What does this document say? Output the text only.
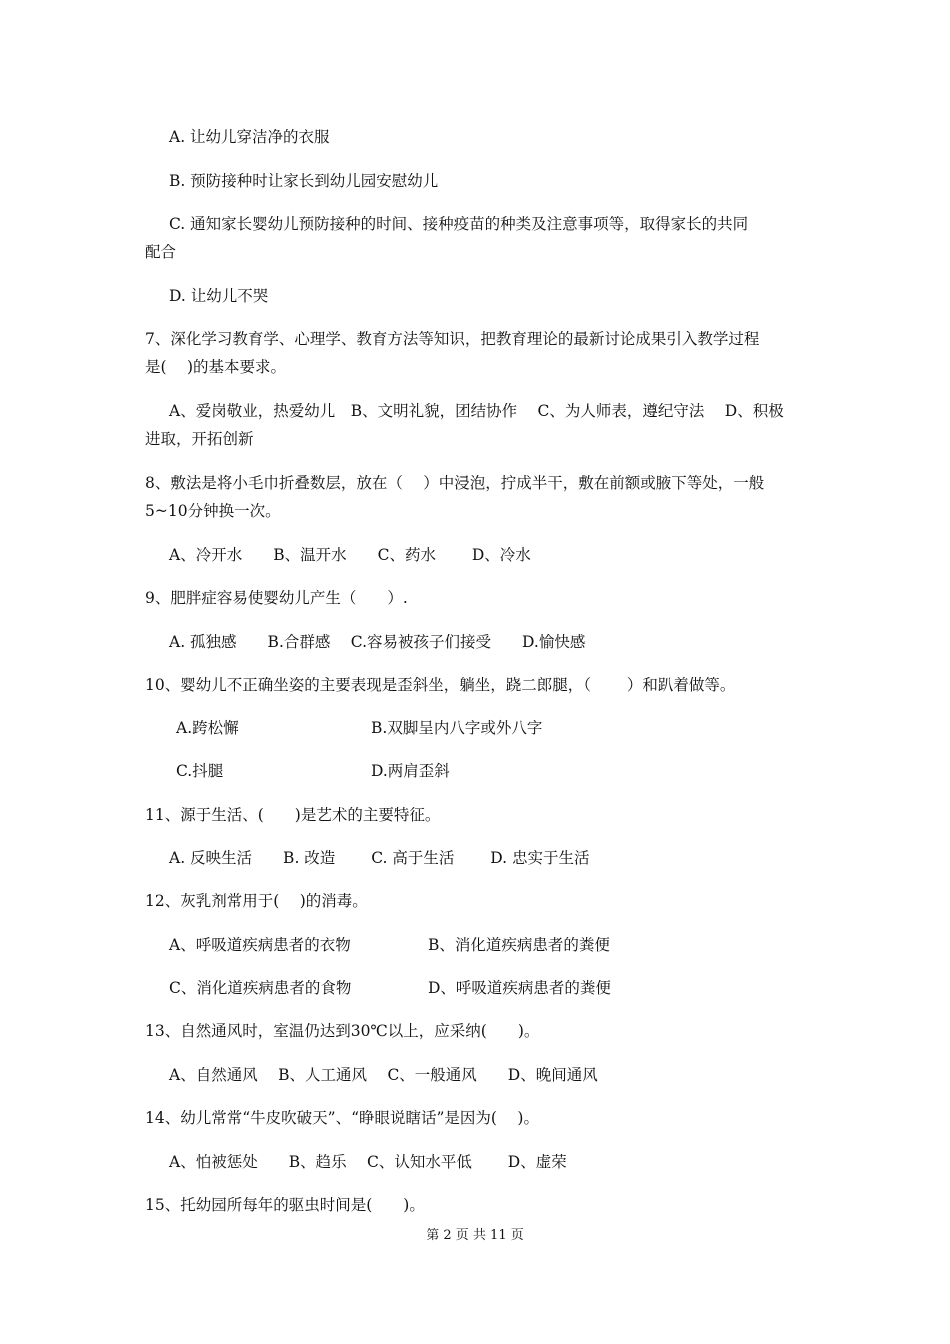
A. 让幼儿穿洁净的衣服
B. 预防接种时让家长到幼儿园安慰幼儿
C. 通知家长婴幼儿预防接种的时间、接种疫苗的种类及注意事项等，取得家长的共同
配合
D. 让幼儿不哭
7、深化学习教育学、心理学、教育方法等知识，把教育理论的最新讨论成果引入教学过程
是(　 )的基本要求。
A、爱岗敬业，热爱幼儿　B、文明礼貌，团结协作　 C、为人师表，遵纪守法　 D、积极
进取，开拓创新
8、敷法是将小毛巾折叠数层，放在（　 ）中浸泡，拧成半干，敷在前额或腋下等处，一般
5~10分钟换一次。
A、冷开水　　B、温开水　　C、药水　　 D、冷水
9、肥胖症容易使婴幼儿产生（　　）.
A. 孤独感　　B.合群感　 C.容易被孩子们接受　　D.愉快感
10、婴幼儿不正确坐姿的主要表现是歪斜坐，躺坐，跷二郎腿，（　　 ）和趴着做等。
A.跨松懈	B.双脚呈内八字或外八字
C.抖腿	D.两肩歪斜
11、源于生活、(　　)是艺术的主要特征。
A. 反映生活　　B. 改造　　 C. 高于生活　　 D. 忠实于生活
12、灰乳剂常用于(　 )的消毒。
A、呼吸道疾病患者的衣物	B、消化道疾病患者的粪便
C、消化道疾病患者的食物	D、呼吸道疾病患者的粪便
13、自然通风时，室温仍达到30℃以上，应采纳(　　)。
A、自然通风　 B、人工通风　 C、一般通风　　D、晚间通风
14、幼儿常常“牛皮吹破天”、“睁眼说瞎话”是因为(　 )。
A、怕被惩处　　B、趋乐　 C、认知水平低　　 D、虚荣
15、托幼园所每年的驱虫时间是(　　)。
第 2 页 共 11 页
